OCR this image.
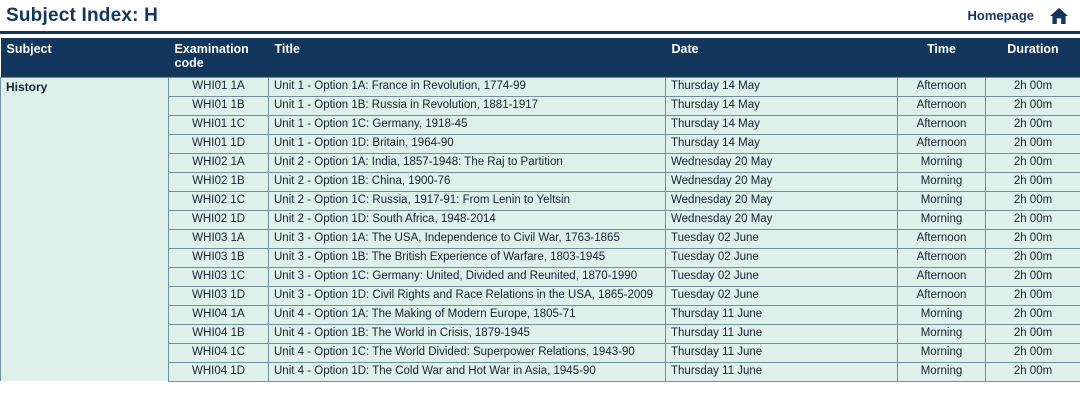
Subject Index: H	Homepage
Subject	Examination code	Title	Date	Time	Duration
History	WHI01 1A	Unit 1 - Option 1A: France in Revolution, 1774-99	Thursday 14 May	Afternoon	2h 00m
	WHI01 1B	Unit 1 - Option 1B: Russia in Revolution, 1881-1917	Thursday 14 May	Afternoon	2h 00m
	WHI01 1C	Unit 1 - Option 1C: Germany, 1918-45	Thursday 14 May	Afternoon	2h 00m
	WHI01 1D	Unit 1 - Option 1D: Britain, 1964-90	Thursday 14 May	Afternoon	2h 00m
	WHI02 1A	Unit 2 - Option 1A: India, 1857-1948: The Raj to Partition	Wednesday 20 May	Morning	2h 00m
	WHI02 1B	Unit 2 - Option 1B: China, 1900-76	Wednesday 20 May	Morning	2h 00m
	WHI02 1C	Unit 2 - Option 1C: Russia, 1917-91: From Lenin to Yeltsin	Wednesday 20 May	Morning	2h 00m
	WHI02 1D	Unit 2 - Option 1D: South Africa, 1948-2014	Wednesday 20 May	Morning	2h 00m
	WHI03 1A	Unit 3 - Option 1A: The USA, Independence to Civil War, 1763-1865	Tuesday 02 June	Afternoon	2h 00m
	WHI03 1B	Unit 3 - Option 1B: The British Experience of Warfare, 1803-1945	Tuesday 02 June	Afternoon	2h 00m
	WHI03 1C	Unit 3 - Option 1C: Germany: United, Divided and Reunited, 1870-1990	Tuesday 02 June	Afternoon	2h 00m
	WHI03 1D	Unit 3 - Option 1D: Civil Rights and Race Relations in the USA, 1865-2009	Tuesday 02 June	Afternoon	2h 00m
	WHI04 1A	Unit 4 - Option 1A: The Making of Modern Europe, 1805-71	Thursday 11 June	Morning	2h 00m
	WHI04 1B	Unit 4 - Option 1B: The World in Crisis, 1879-1945	Thursday 11 June	Morning	2h 00m
	WHI04 1C	Unit 4 - Option 1C: The World Divided: Superpower Relations, 1943-90	Thursday 11 June	Morning	2h 00m
	WHI04 1D	Unit 4 - Option 1D: The Cold War and Hot War in Asia, 1945-90	Thursday 11 June	Morning	2h 00m
